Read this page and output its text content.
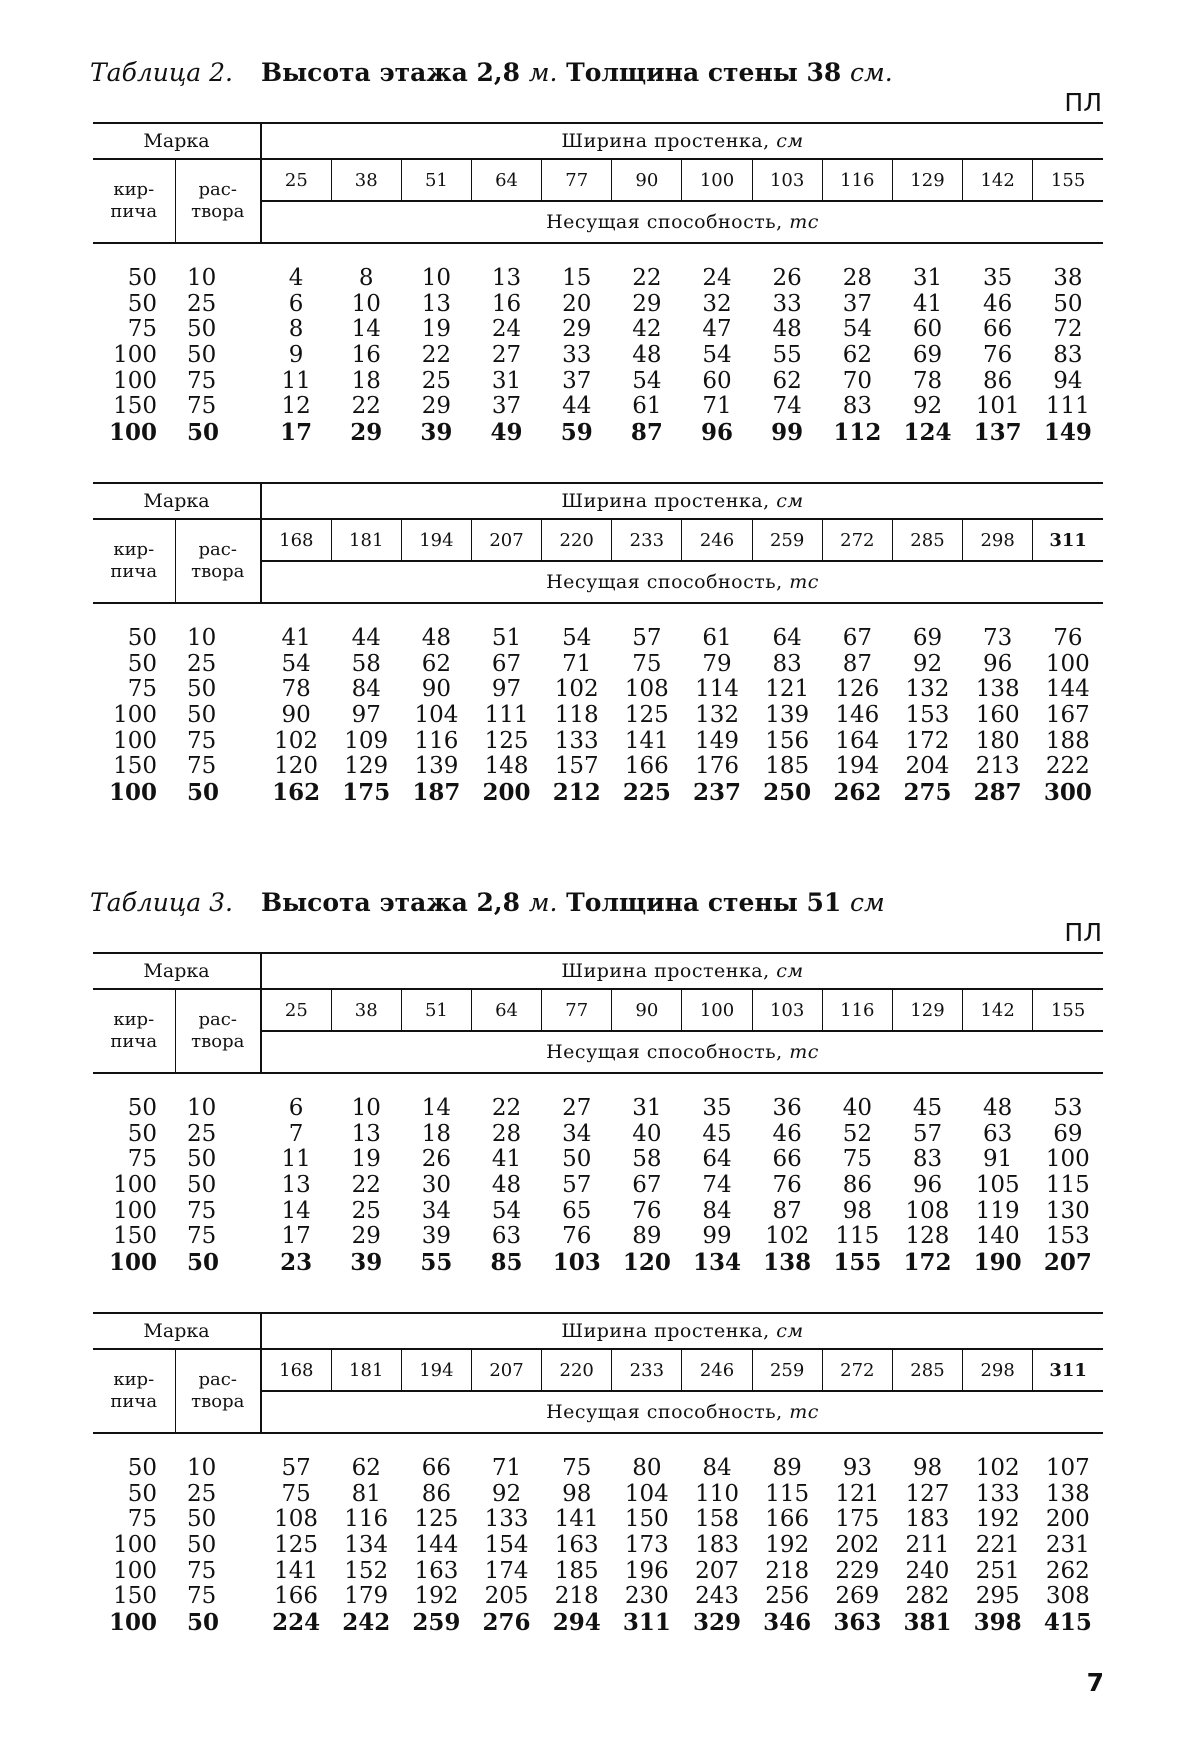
Таблица 2. Высота этажа 2,8 м. Толщина стены 38 см.
ПЛ
Марка		Ширина простенка, см											
кир-
пича	рас-
твора	25	38	51	64	77	90	100	103	116	129	142	155
		Несущая способность, тс											
50	10	4	8	10	13	15	22	24	26	28	31	35	38
50	25	6	10	13	16	20	29	32	33	37	41	46	50
75	50	8	14	19	24	29	42	47	48	54	60	66	72
100	50	9	16	22	27	33	48	54	55	62	69	76	83
100	75	11	18	25	31	37	54	60	62	70	78	86	94
150	75	12	22	29	37	44	61	71	74	83	92	101	111
100	50	17	29	39	49	59	87	96	99	112	124	137	149
Марка		Ширина простенка, см											
кир-
пича	рас-
твора	168	181	194	207	220	233	246	259	272	285	298	311
		Несущая способность, тс											
50	10	41	44	48	51	54	57	61	64	67	69	73	76
50	25	54	58	62	67	71	75	79	83	87	92	96	100
75	50	78	84	90	97	102	108	114	121	126	132	138	144
100	50	90	97	104	111	118	125	132	139	146	153	160	167
100	75	102	109	116	125	133	141	149	156	164	172	180	188
150	75	120	129	139	148	157	166	176	185	194	204	213	222
100	50	162	175	187	200	212	225	237	250	262	275	287	300
Таблица 3. Высота этажа 2,8 м. Толщина стены 51 см
ПЛ
Марка		Ширина простенка, см											
кир-
пича	рас-
твора	25	38	51	64	77	90	100	103	116	129	142	155
		Несущая способность, тс											
50	10	6	10	14	22	27	31	35	36	40	45	48	53
50	25	7	13	18	28	34	40	45	46	52	57	63	69
75	50	11	19	26	41	50	58	64	66	75	83	91	100
100	50	13	22	30	48	57	67	74	76	86	96	105	115
100	75	14	25	34	54	65	76	84	87	98	108	119	130
150	75	17	29	39	63	76	89	99	102	115	128	140	153
100	50	23	39	55	85	103	120	134	138	155	172	190	207
Марка		Ширина простенка, см											
кир-
пича	рас-
твора	168	181	194	207	220	233	246	259	272	285	298	311
		Несущая способность, тс											
50	10	57	62	66	71	75	80	84	89	93	98	102	107
50	25	75	81	86	92	98	104	110	115	121	127	133	138
75	50	108	116	125	133	141	150	158	166	175	183	192	200
100	50	125	134	144	154	163	173	183	192	202	211	221	231
100	75	141	152	163	174	185	196	207	218	229	240	251	262
150	75	166	179	192	205	218	230	243	256	269	282	295	308
100	50	224	242	259	276	294	311	329	346	363	381	398	415
7
